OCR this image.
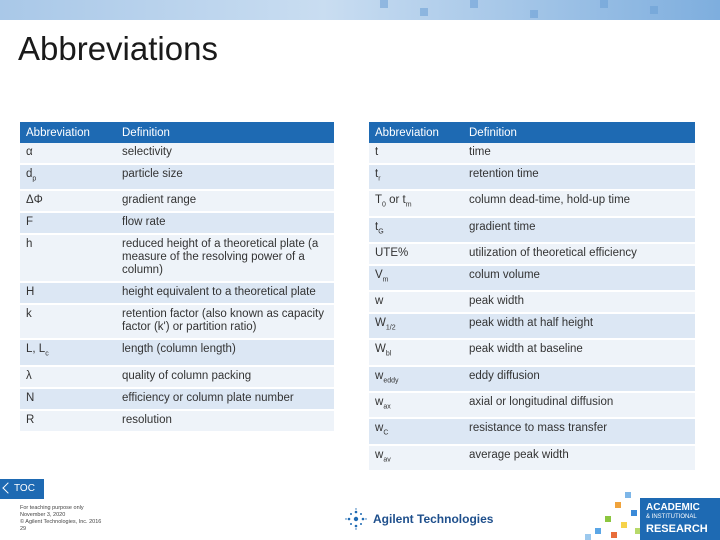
Abbreviations
Abbreviation	Definition
α	selectivity
$d_p$	particle size
ΔΦ	gradient range
F	flow rate
h	reduced height of a theoretical plate (a measure of the resolving power of a column)
H	height equivalent to a theoretical plate
k	retention factor (also known as capacity factor (k') or partition ratio)
L, $L_c$	length (column length)
λ	quality of column packing
N	efficiency or column plate number
R	resolution
Abbreviation	Definition
t	time
$t_r$	retention time
$T_0$ or $t_m$	column dead-time, hold-up time
$t_G$	gradient time
UTE%	utilization of theoretical efficiency
$V_m$	colum volume
w	peak width
$W_{1/2}$	peak width at half height
$W_{bl}$	peak width at baseline
$w_{eddy}$	eddy diffusion
$w_{ax}$	axial or longitudinal diffusion
$w_C$	resistance to mass transfer
$w_{av}$	average peak width
TOC
For teaching purpose only
November 3, 2020
© Agilent Technologies, Inc. 2016
29
Agilent Technologies
ACADEMIC
& INSTITUTIONAL
RESEARCH
